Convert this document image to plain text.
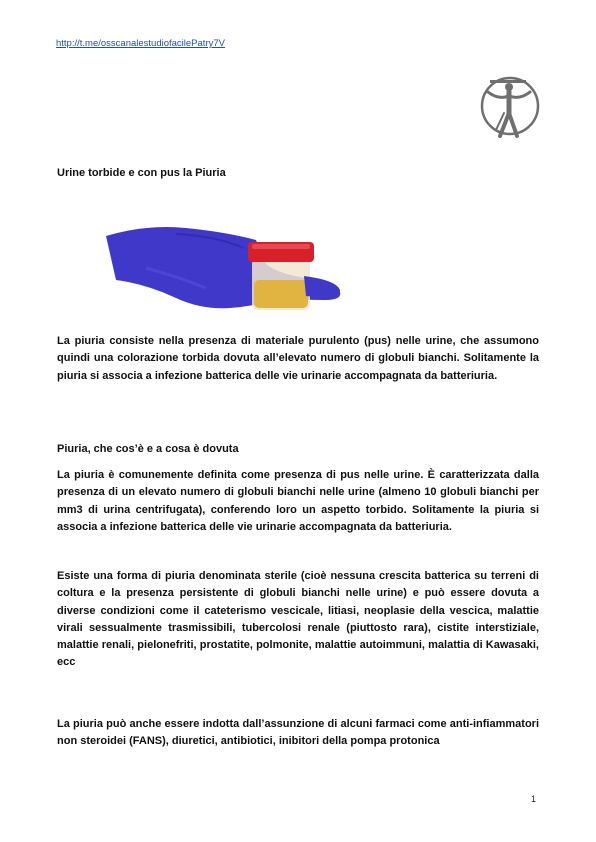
http://t.me/osscanalestudiofacilePatry7V
Urine torbide e con pus la Piuria

La piuria consiste nella presenza di materiale purulento (pus) nelle urine, che assumono quindi una colorazione torbida dovuta all’elevato numero di globuli bianchi. Solitamente la piuria si associa a infezione batterica delle vie urinarie accompagnata da batteriuria.

Piuria, che cos’è e a cosa è dovuta

La piuria è comunemente definita come presenza di pus nelle urine. È caratterizzata dalla presenza di un elevato numero di globuli bianchi nelle urine (almeno 10 globuli bianchi per mm3 di urina centrifugata), conferendo loro un aspetto torbido. Solitamente la piuria si associa a infezione batterica delle vie urinarie accompagnata da batteriuria.

Esiste una forma di piuria denominata sterile (cioè nessuna crescita batterica su terreni di coltura e la presenza persistente di globuli bianchi nelle urine) e può essere dovuta a diverse condizioni come il cateterismo vescicale, litiasi, neoplasie della vescica, malattie virali sessualmente trasmissibili, tubercolosi renale (piuttosto rara), cistite interstiziale, malattie renali, pielonefriti, prostatite, polmonite, malattie autoimmuni, malattia di Kawasaki, ecc

La piuria può anche essere indotta dall’assunzione di alcuni farmaci come anti-infiammatori non steroidei (FANS), diuretici, antibiotici, inibitori della pompa protonica

1
